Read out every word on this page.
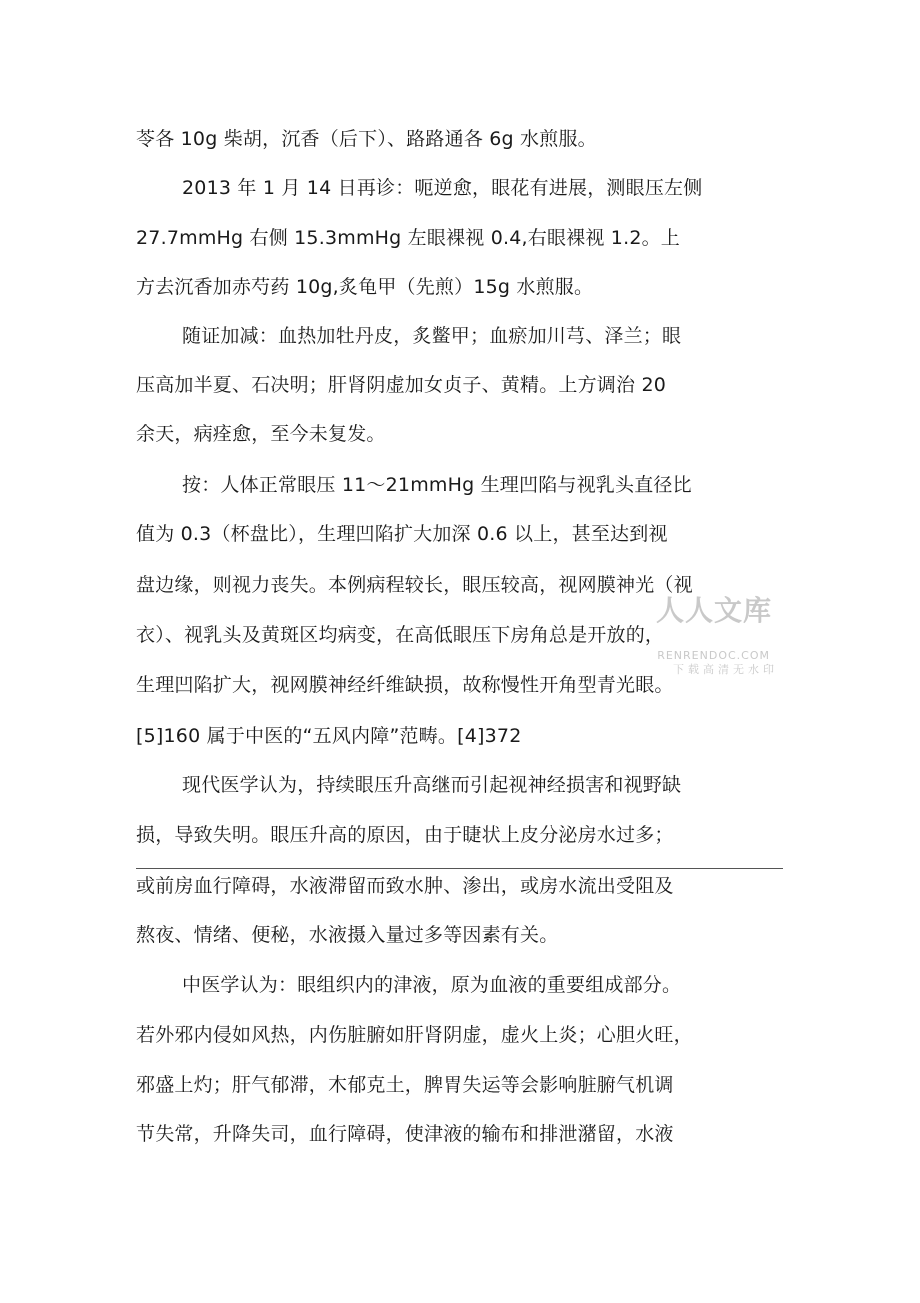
苓各 10g 柴胡，沉香（后下）、路路通各 6g 水煎服。
2013 年 1 月 14 日再诊：呃逆愈，眼花有进展，测眼压左侧
27.7mmHg 右侧 15.3mmHg 左眼裸视 0.4,右眼裸视 1.2。上
方去沉香加赤芍药 10g,炙龟甲（先煎）15g 水煎服。
随证加减：血热加牡丹皮，炙鳖甲；血瘀加川芎、泽兰；眼
压高加半夏、石决明；肝肾阴虚加女贞子、黄精。上方调治 20
余天，病痊愈，至今未复发。
按：人体正常眼压 11〜21mmHg 生理凹陷与视乳头直径比
值为 0.3（杯盘比），生理凹陷扩大加深 0.6 以上，甚至达到视
盘边缘，则视力丧失。本例病程较长，眼压较高，视网膜神光（视
衣）、视乳头及黄斑区均病变，在高低眼压下房角总是开放的，
生理凹陷扩大，视网膜神经纤维缺损，故称慢性开角型青光眼。
[5]160 属于中医的“五风内障”范畴。[4]372
现代医学认为，持续眼压升高继而引起视神经损害和视野缺
损，导致失明。眼压升高的原因，由于睫状上皮分泌房水过多；
或前房血行障碍，水液滞留而致水肿、渗出，或房水流出受阻及
熬夜、情绪、便秘，水液摄入量过多等因素有关。
中医学认为：眼组织内的津液，原为血液的重要组成部分。
若外邪内侵如风热，内伤脏腑如肝肾阴虚，虚火上炎；心胆火旺，
邪盛上灼；肝气郁滞，木郁克土，脾胃失运等会影响脏腑气机调
节失常，升降失司，血行障碍，使津液的输布和排泄潴留，水液
人人文库
RENRENDOC.COM
下载高清无水印
